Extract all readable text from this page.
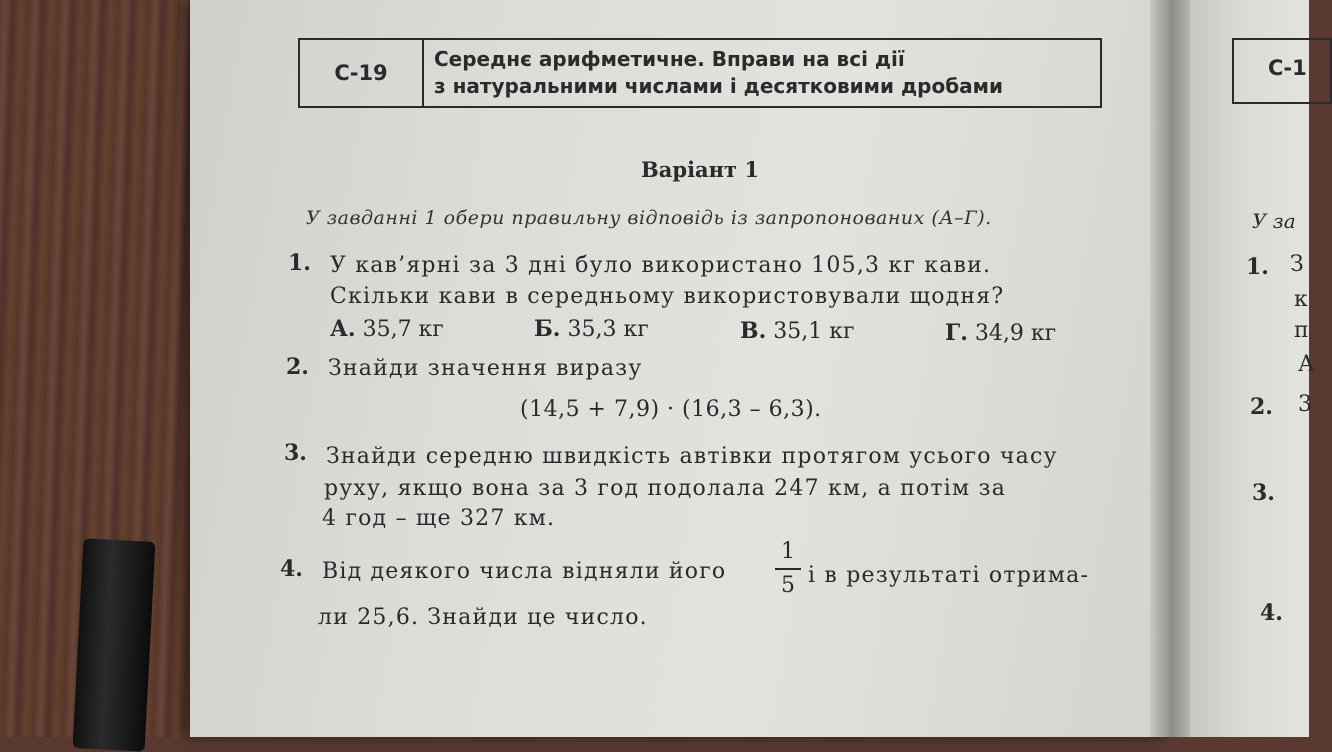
С-19
Середнє арифметичне. Вправи на всі дії
з натуральними числами і десятковими дробами
Варіант 1
У завданні 1 обери правильну відповідь із запропонованих (А–Г).
1. У кав’ярні за 3 дні було використано 105,3 кг кави.
Скільки кави в середньому використовували щодня?
А. 35,7 кг	Б. 35,3 кг	В. 35,1 кг	Г. 34,9 кг
2. Знайди значення виразу
(14,5 + 7,9) · (16,3 – 6,3).
3. Знайди середню швидкість автівки протягом усього часу
руху, якщо вона за 3 год подолала 247 км, а потім за
4 год – ще 327 км.
4. Від деякого числа відняли його
1
5 і в результаті отрима-
ли 25,6. Знайди це число.
С-1
У за
1. З
к
п
А
2. 3
3.
4.
